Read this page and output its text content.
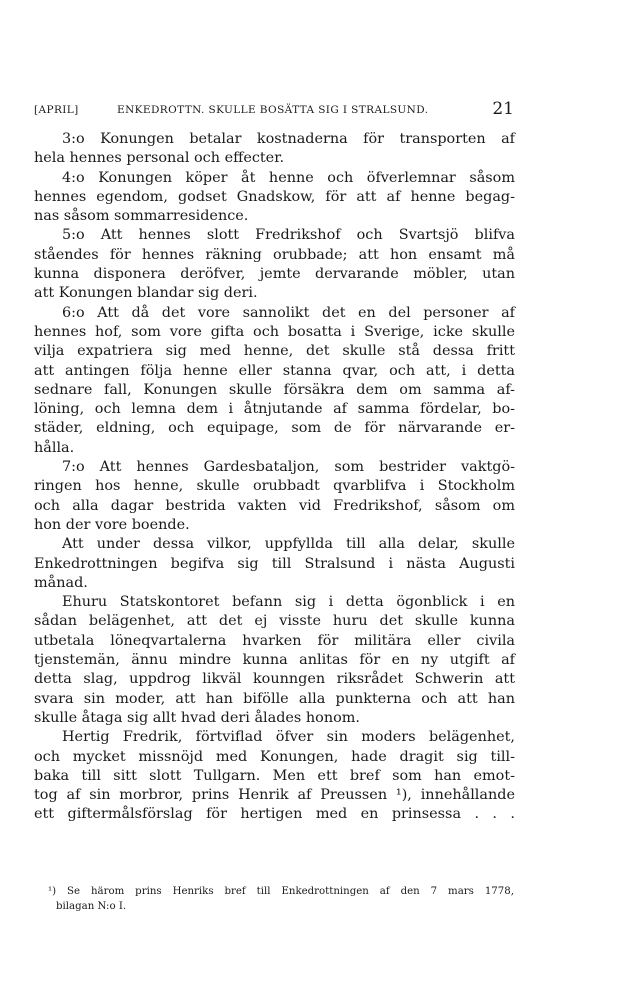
[APRIL]	ENKEDROTTN. SKULLE BOSÄTTA SIG I STRALSUND.	21
3:o Konungen betalar kostnaderna för transporten af
hela hennes personal och effecter.
4:o Konungen köper åt henne och öfverlemnar såsom
hennes egendom, godset Gnadskow, för att af henne begag-
nas såsom sommarresidence.
5:o Att hennes slott Fredrikshof och Svartsjö blifva
ståendes för hennes räkning orubbade; att hon ensamt må
kunna disponera deröfver, jemte dervarande möbler, utan
att Konungen blandar sig deri.
6:o Att då det vore sannolikt det en del personer af
hennes hof, som vore gifta och bosatta i Sverige, icke skulle
vilja expatriera sig med henne, det skulle stå dessa fritt
att antingen följa henne eller stanna qvar, och att, i detta
sednare fall, Konungen skulle försäkra dem om samma af-
löning, och lemna dem i åtnjutande af samma fördelar, bo-
städer, eldning, och equipage, som de för närvarande er-
hålla.
7:o Att hennes Gardesbataljon, som bestrider vaktgö-
ringen hos henne, skulle orubbadt qvarblifva i Stockholm
och alla dagar bestrida vakten vid Fredrikshof, såsom om
hon der vore boende.
Att under dessa vilkor, uppfyllda till alla delar, skulle
Enkedrottningen begifva sig till Stralsund i nästa Augusti
månad.
Ehuru Statskontoret befann sig i detta ögonblick i en
sådan belägenhet, att det ej visste huru det skulle kunna
utbetala löneqvartalerna hvarken för militära eller civila
tjenstemän, ännu mindre kunna anlitas för en ny utgift af
detta slag, uppdrog likväl kounngen riksrådet Schwerin att
svara sin moder, att han bifölle alla punkterna och att han
skulle åtaga sig allt hvad deri ålades honom.
Hertig Fredrik, förtviflad öfver sin moders belägenhet,
och mycket missnöjd med Konungen, hade dragit sig till-
baka till sitt slott Tullgarn. Men ett bref som han emot-
tog af sin morbror, prins Henrik af Preussen ¹), innehållande
ett giftermålsförslag för hertigen med en prinsessa . . .
¹) Se härom prins Henriks bref till Enkedrottningen af den 7 mars 1778,
bilagan N:o I.
